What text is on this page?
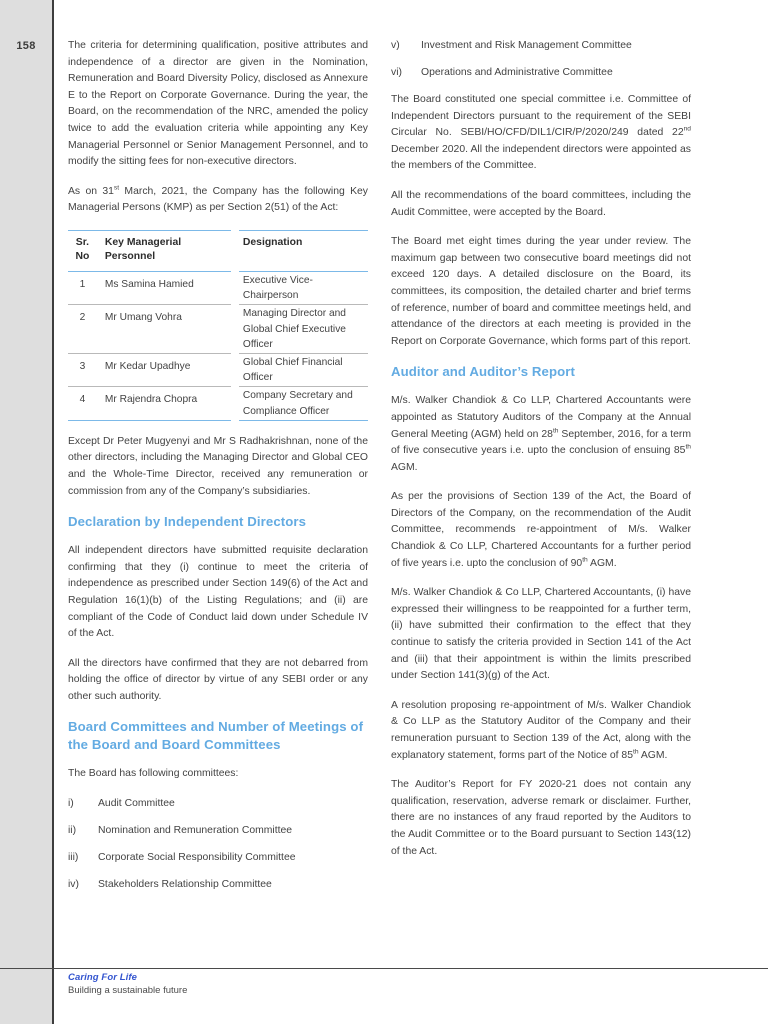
158	The criteria for determining qualification, positive attributes and independence of a director are given in the Nomination, Remuneration and Board Diversity Policy, disclosed as Annexure E to the Report on Corporate Governance. During the year, the Board, on the recommendation of the NRC, amended the policy twice to add the evaluation criteria while appointing any Key Managerial Personnel or Senior Management Personnel, and to modify the sitting fees for non-executive directors.

As on 31st March, 2021, the Company has the following Key Managerial Persons (KMP) as per Section 2(51) of the Act:

Sr.
No	Key Managerial
Personnel		Designation
1	Ms Samina Hamied		Executive Vice-Chairperson
2	Mr Umang Vohra		Managing Director and Global Chief Executive Officer
3	Mr Kedar Upadhye		Global Chief Financial Officer
4	Mr Rajendra Chopra		Company Secretary and Compliance Officer

Except Dr Peter Mugyenyi and Mr S Radhakrishnan, none of the other directors, including the Managing Director and Global CEO and the Whole-Time Director, received any remuneration or commission from any of the Company’s subsidiaries.

Declaration by Independent Directors

All independent directors have submitted requisite declaration confirming that they (i) continue to meet the criteria of independence as prescribed under Section 149(6) of the Act and Regulation 16(1)(b) of the Listing Regulations; and (ii) are compliant of the Code of Conduct laid down under Schedule IV of the Act.

All the directors have confirmed that they are not debarred from holding the office of director by virtue of any SEBI order or any other such authority.

Board Committees and Number of Meetings of the Board and Board Committees

The Board has following committees:

i) Audit Committee
ii) Nomination and Remuneration Committee
iii) Corporate Social Responsibility Committee
iv) Stakeholders Relationship Committee
v) Investment and Risk Management Committee
vi) Operations and Administrative Committee

The Board constituted one special committee i.e. Committee of Independent Directors pursuant to the requirement of the SEBI Circular No. SEBI/HO/CFD/DIL1/CIR/P/2020/249 dated 22nd December 2020. All the independent directors were appointed as the members of the Committee.

All the recommendations of the board committees, including the Audit Committee, were accepted by the Board.

The Board met eight times during the year under review. The maximum gap between two consecutive board meetings did not exceed 120 days. A detailed disclosure on the Board, its committees, its composition, the detailed charter and brief terms of reference, number of board and committee meetings held, and attendance of the directors at each meeting is provided in the Report on Corporate Governance, which forms part of this report.

Auditor and Auditor’s Report

M/s. Walker Chandiok & Co LLP, Chartered Accountants were appointed as Statutory Auditors of the Company at the Annual General Meeting (AGM) held on 28th September, 2016, for a term of five consecutive years i.e. upto the conclusion of ensuing 85th AGM.

As per the provisions of Section 139 of the Act, the Board of Directors of the Company, on the recommendation of the Audit Committee, recommends re-appointment of M/s. Walker Chandiok & Co LLP, Chartered Accountants for a further period of five years i.e. upto the conclusion of 90th AGM.

M/s. Walker Chandiok & Co LLP, Chartered Accountants, (i) have expressed their willingness to be reappointed for a further term, (ii) have submitted their confirmation to the effect that they continue to satisfy the criteria provided in Section 141 of the Act and (iii) that their appointment is within the limits prescribed under Section 141(3)(g) of the Act.

A resolution proposing re-appointment of M/s. Walker Chandiok & Co LLP as the Statutory Auditor of the Company and their remuneration pursuant to Section 139 of the Act, along with the explanatory statement, forms part of the Notice of 85th AGM.

The Auditor’s Report for FY 2020-21 does not contain any qualification, reservation, adverse remark or disclaimer. Further, there are no instances of any fraud reported by the Auditors to the Audit Committee or to the Board pursuant to Section 143(12) of the Act.

Caring For Life

Building a sustainable future
